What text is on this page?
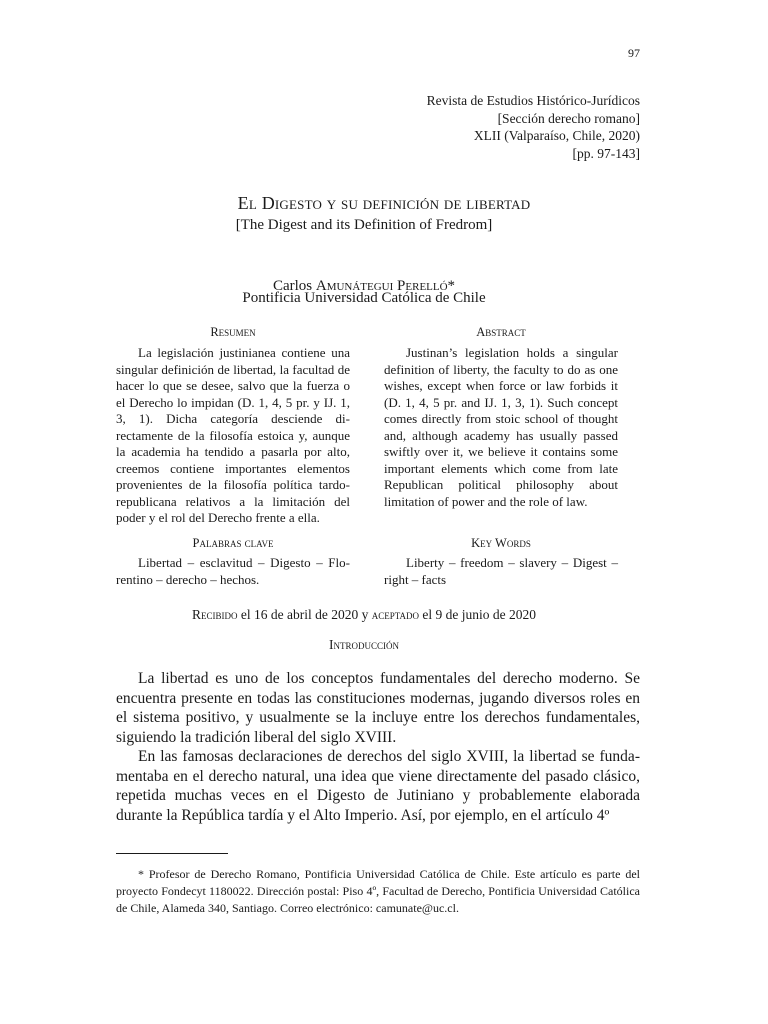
97
Revista de Estudios Histórico-Jurídicos
[Sección derecho romano]
XLII (Valparaíso, Chile, 2020)
[pp. 97-143]
El Digesto y su definición de libertad
[The Digest and its Definition of Fredrom]
Carlos Amunátegui Perelló*
Pontificia Universidad Católica de Chile
Resumen
La legislación justinianea contiene una singular definición de libertad, la facultad de hacer lo que se desee, salvo que la fuerza o el Derecho lo impidan (D. 1, 4, 5 pr. y IJ. 1, 3, 1). Dicha categoría desciende directamente de la filosofía estoica y, aunque la academia ha tendido a pasarla por alto, creemos contiene importantes elementos provenientes de la filosofía política tardorepublicana relativos a la limitación del poder y el rol del Derecho frente a ella.
Abstract
Justinan’s legislation holds a singular definition of liberty, the faculty to do as one wishes, except when force or law forbids it (D. 1, 4, 5 pr. and IJ. 1, 3, 1). Such concept comes directly from stoic school of thought and, although academy has usually passed swiftly over it, we believe it contains some important elements which come from late Republican political philosophy about limitation of power and the role of law.
Palabras clave
Libertad – esclavitud – Digesto – Florentino – derecho – hechos.
Key Words
Liberty – freedom – slavery – Digest – right – facts
Recibido el 16 de abril de 2020 y aceptado el 9 de junio de 2020
Introducción

La libertad es uno de los conceptos fundamentales del derecho moderno. Se encuentra presente en todas las constituciones modernas, jugando diversos roles en el sistema positivo, y usualmente se la incluye entre los derechos fundamentales, siguiendo la tradición liberal del siglo XVIII.

En las famosas declaraciones de derechos del siglo XVIII, la libertad se fundamentaba en el derecho natural, una idea que viene directamente del pasado clásico, repetida muchas veces en el Digesto de Jutiniano y probablemente elaborada durante la República tardía y el Alto Imperio. Así, por ejemplo, en el artículo 4º

* Profesor de Derecho Romano, Pontificia Universidad Católica de Chile. Este artículo es parte del proyecto Fondecyt 1180022. Dirección postal: Piso 4º, Facultad de Derecho, Pontificia Universidad Católica de Chile, Alameda 340, Santiago. Correo electrónico: camunate@uc.cl.
